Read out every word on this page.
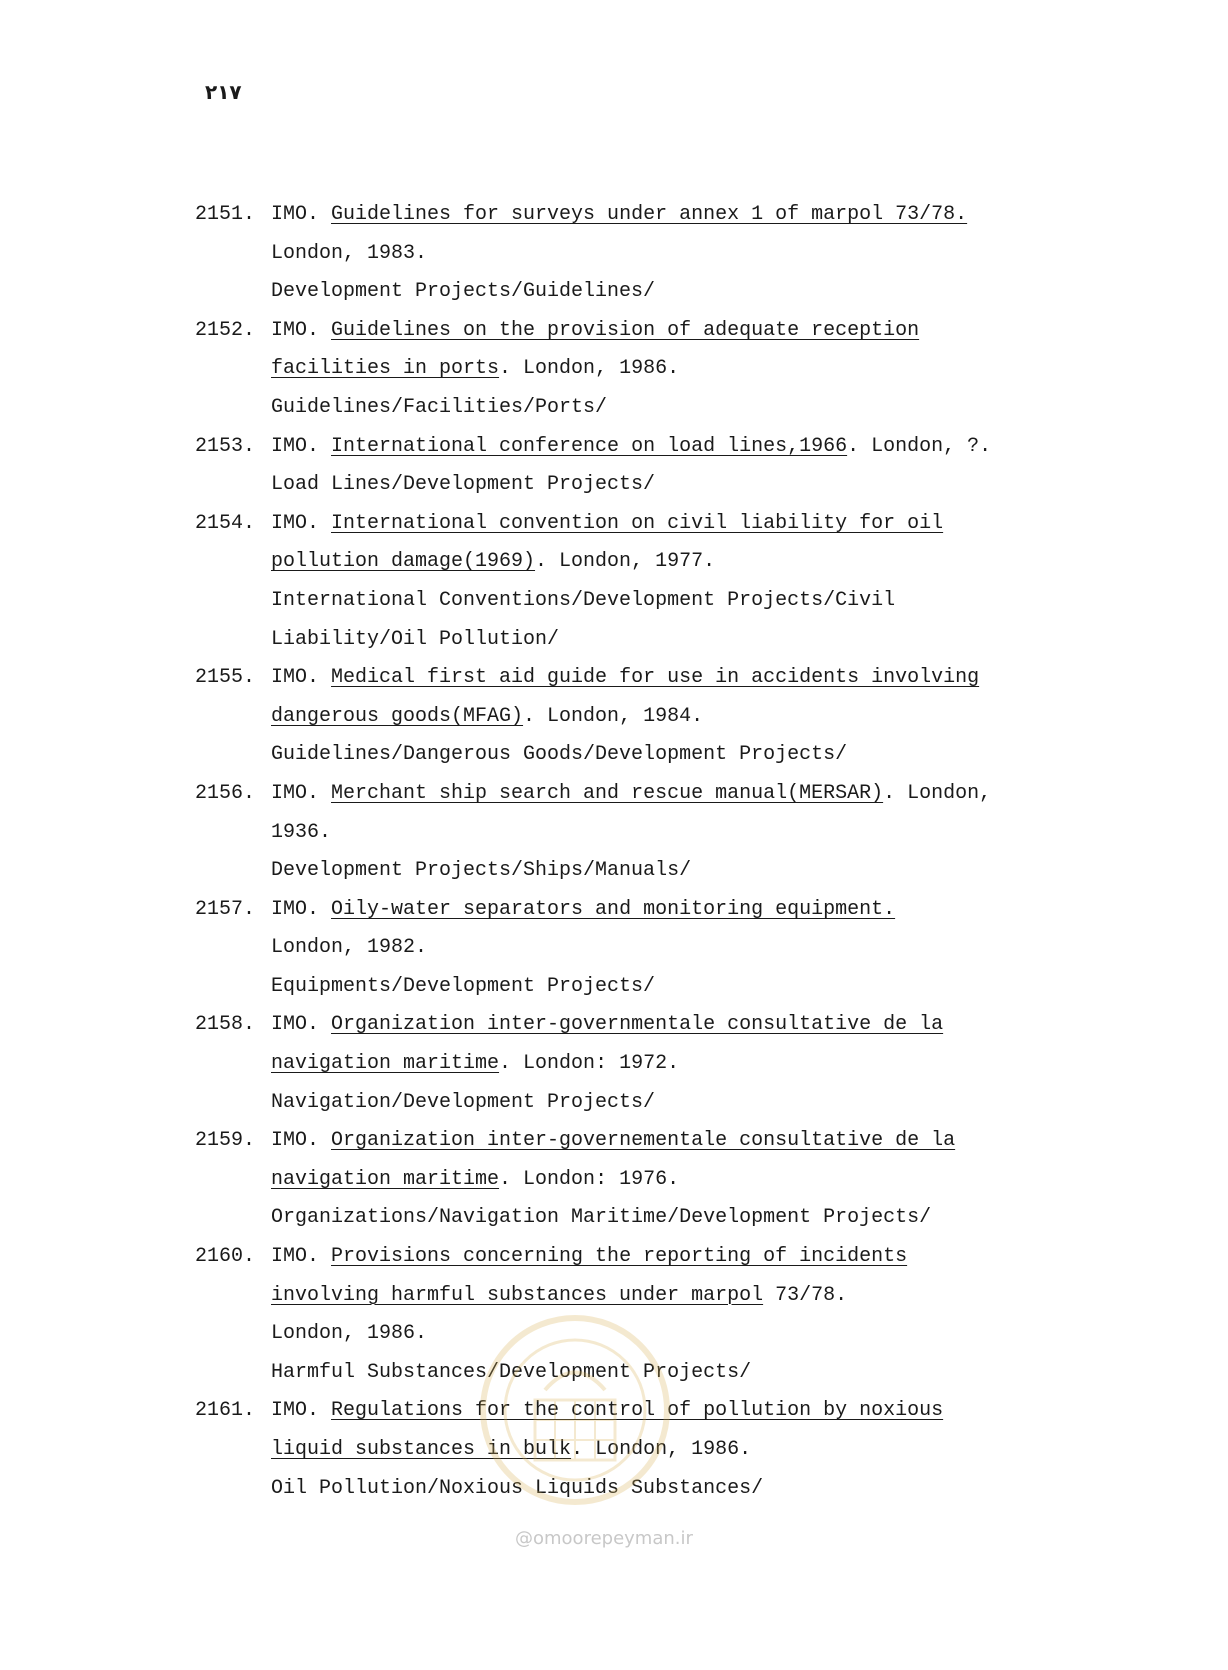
٢١٧
2151. IMO. Guidelines for surveys under annex 1 of marpol 73/78.
London, 1983.
Development Projects/Guidelines/
2152. IMO. Guidelines on the provision of adequate reception
facilities in ports. London, 1986.
Guidelines/Facilities/Ports/
2153. IMO. International conference on load lines,1966. London, ?.
Load Lines/Development Projects/
2154. IMO. International convention on civil liability for oil
pollution damage(1969). London, 1977.
International Conventions/Development Projects/Civil
Liability/Oil Pollution/
2155. IMO. Medical first aid guide for use in accidents involving
dangerous goods(MFAG). London, 1984.
Guidelines/Dangerous Goods/Development Projects/
2156. IMO. Merchant ship search and rescue manual(MERSAR). London,
1936.
Development Projects/Ships/Manuals/
2157. IMO. Oily-water separators and monitoring equipment.
London, 1982.
Equipments/Development Projects/
2158. IMO. Organization inter-governmentale consultative de la
navigation maritime. London: 1972.
Navigation/Development Projects/
2159. IMO. Organization inter-governementale consultative de la
navigation maritime. London: 1976.
Organizations/Navigation Maritime/Development Projects/
2160. IMO. Provisions concerning the reporting of incidents
involving harmful substances under marpol 73/78.
London, 1986.
Harmful Substances/Development Projects/
2161. IMO. Regulations for the control of pollution by noxious
liquid substances in bulk. London, 1986.
Oil Pollution/Noxious Liquids Substances/
@omoorepeyman.ir
